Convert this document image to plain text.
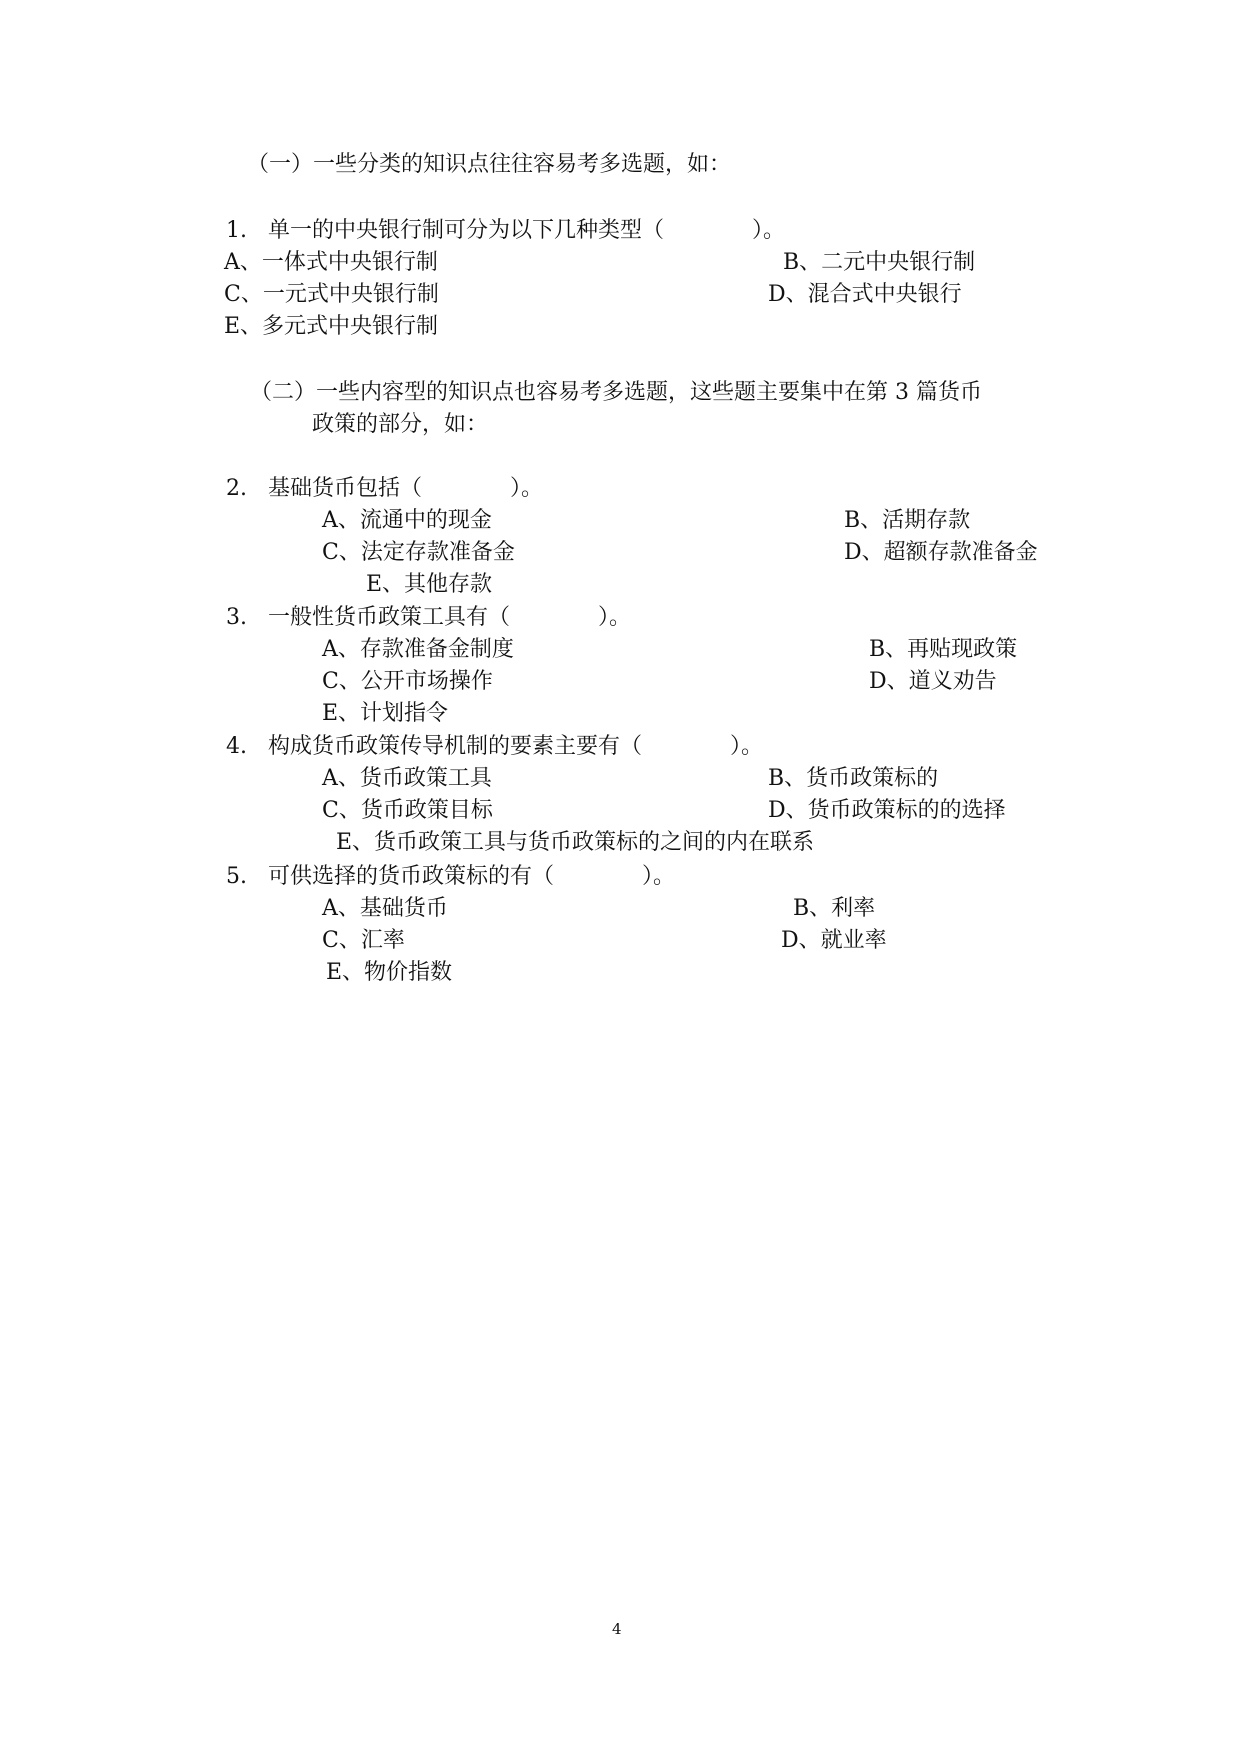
（一）一些分类的知识点往往容易考多选题，如：

1. 单一的中央银行制可分为以下几种类型（　　　　）。
A、一体式中央银行制	B、二元中央银行制
C、一元式中央银行制	D、混合式中央银行
E、多元式中央银行制
（二）一些内容型的知识点也容易考多选题，这些题主要集中在第 3 篇货币
政策的部分，如：
2. 基础货币包括（　　　　）。
A、流通中的现金	B、活期存款
C、法定存款准备金	D、超额存款准备金
E、其他存款
3. 一般性货币政策工具有（　　　　）。
A、存款准备金制度	B、再贴现政策
C、公开市场操作	D、道义劝告
E、计划指令
4. 构成货币政策传导机制的要素主要有（　　　　）。
A、货币政策工具	B、货币政策标的
C、货币政策目标	D、货币政策标的的选择
E、货币政策工具与货币政策标的之间的内在联系
5. 可供选择的货币政策标的有（　　　　）。
A、基础货币	B、利率
C、汇率	D、就业率
E、物价指数
4
